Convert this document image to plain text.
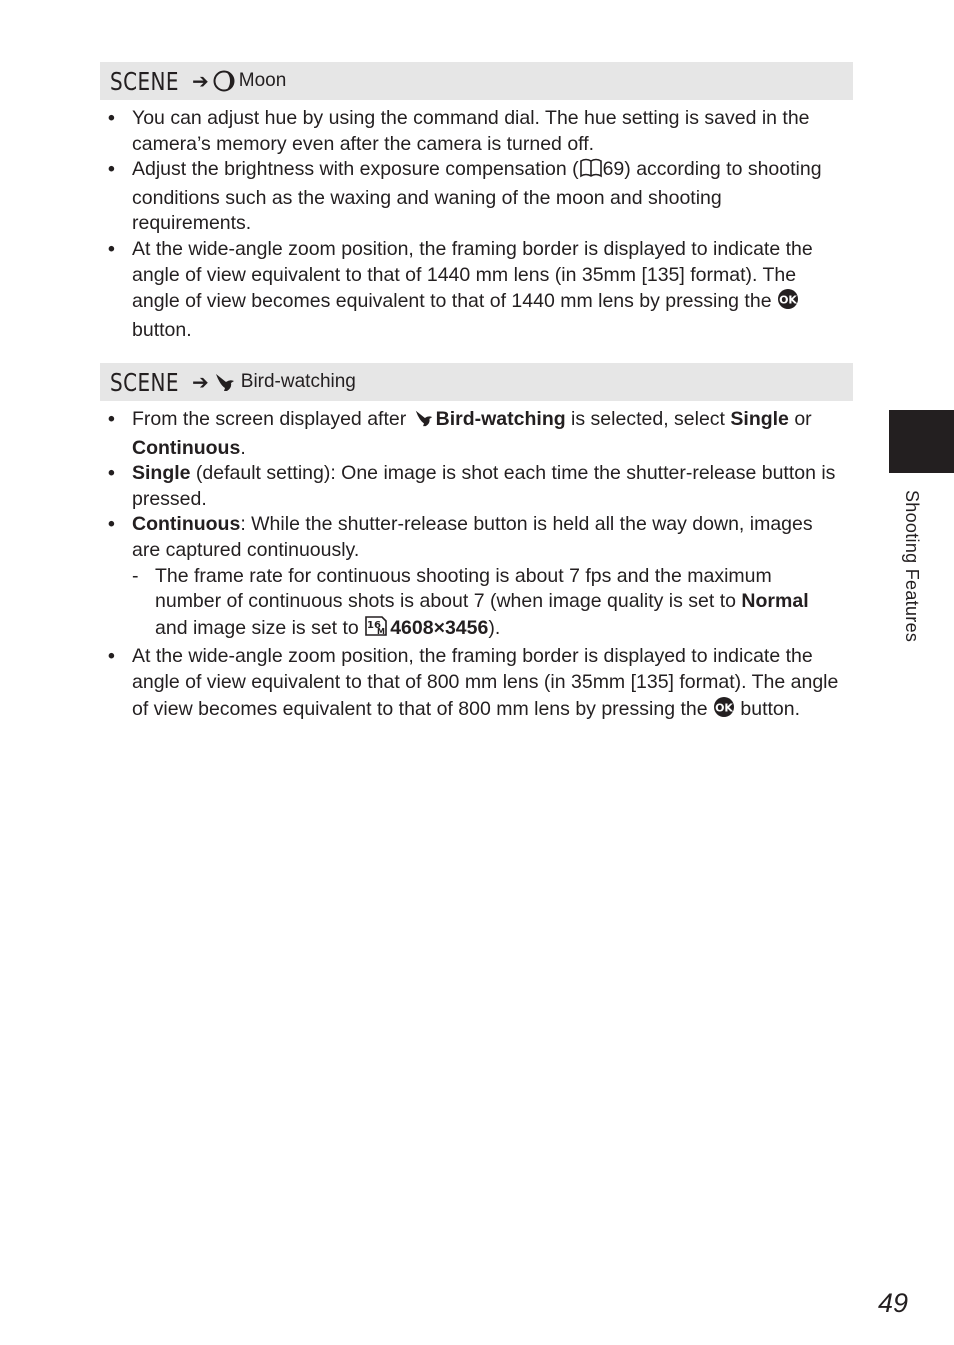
SCENE ➔ Moon
• You can adjust hue by using the command dial. The hue setting is saved in the camera’s memory even after the camera is turned off.
• Adjust the brightness with exposure compensation ( 69) according to shooting conditions such as the waxing and waning of the moon and shooting requirements.
• At the wide-angle zoom position, the framing border is displayed to indicate the angle of view equivalent to that of 1440 mm lens (in 35mm [135] format). The angle of view becomes equivalent to that of 1440 mm lens by pressing the OK
button.
SCENE ➔ Bird-watching
• From the screen displayed after Bird-watching is selected, select Single or Continuous.
• Single (default setting): One image is shot each time the shutter-release button is pressed.
• Continuous: While the shutter-release button is held all the way down, images are captured continuously.
- The frame rate for continuous shooting is about 7 fps and the maximum number of continuous shots is about 7 (when image quality is set to Normal and image size is set to 16
M 4608×3456).
• At the wide-angle zoom position, the framing border is displayed to indicate the angle of view equivalent to that of 800 mm lens (in 35mm [135] format). The angle of view becomes equivalent to that of 800 mm lens by pressing the OK button.
Shooting Features
49
